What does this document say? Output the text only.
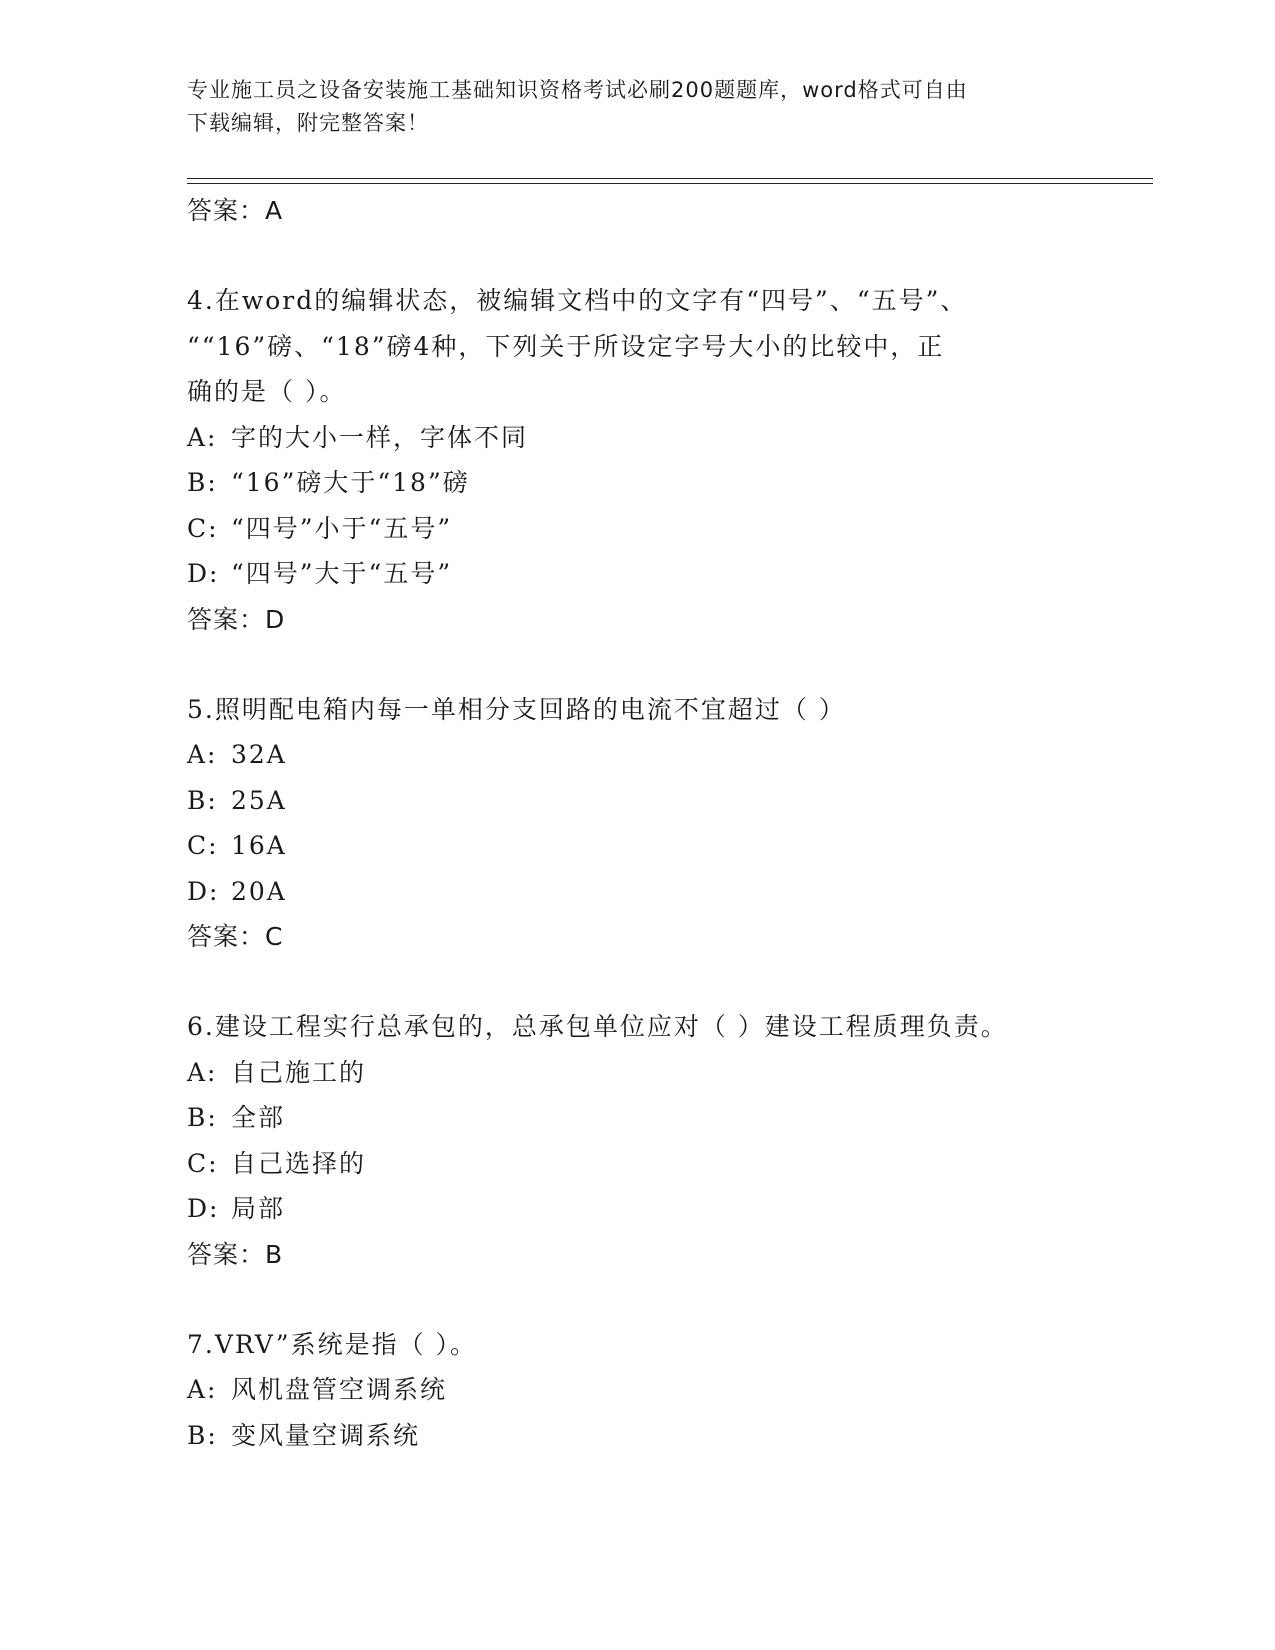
专业施工员之设备安装施工基础知识资格考试必刷200题题库，word格式可自由
下载编辑，附完整答案！
答案：A
4.在word的编辑状态，被编辑文档中的文字有“四号”、“五号”、
““16”磅、“18”磅4种，下列关于所设定字号大小的比较中，正
确的是（ ）。
A: 字的大小一样，字体不同
B: “16”磅大于“18”磅
C: “四号”小于“五号”
D: “四号”大于“五号”
答案：D
5.照明配电箱内每一单相分支回路的电流不宜超过（ ）
A: 32A
B: 25A
C: 16A
D: 20A
答案：C
6.建设工程实行总承包的，总承包单位应对（ ）建设工程质理负责。
A: 自己施工的
B: 全部
C: 自己选择的
D: 局部
答案：B
7.VRV”系统是指（ ）。
A: 风机盘管空调系统
B: 变风量空调系统
